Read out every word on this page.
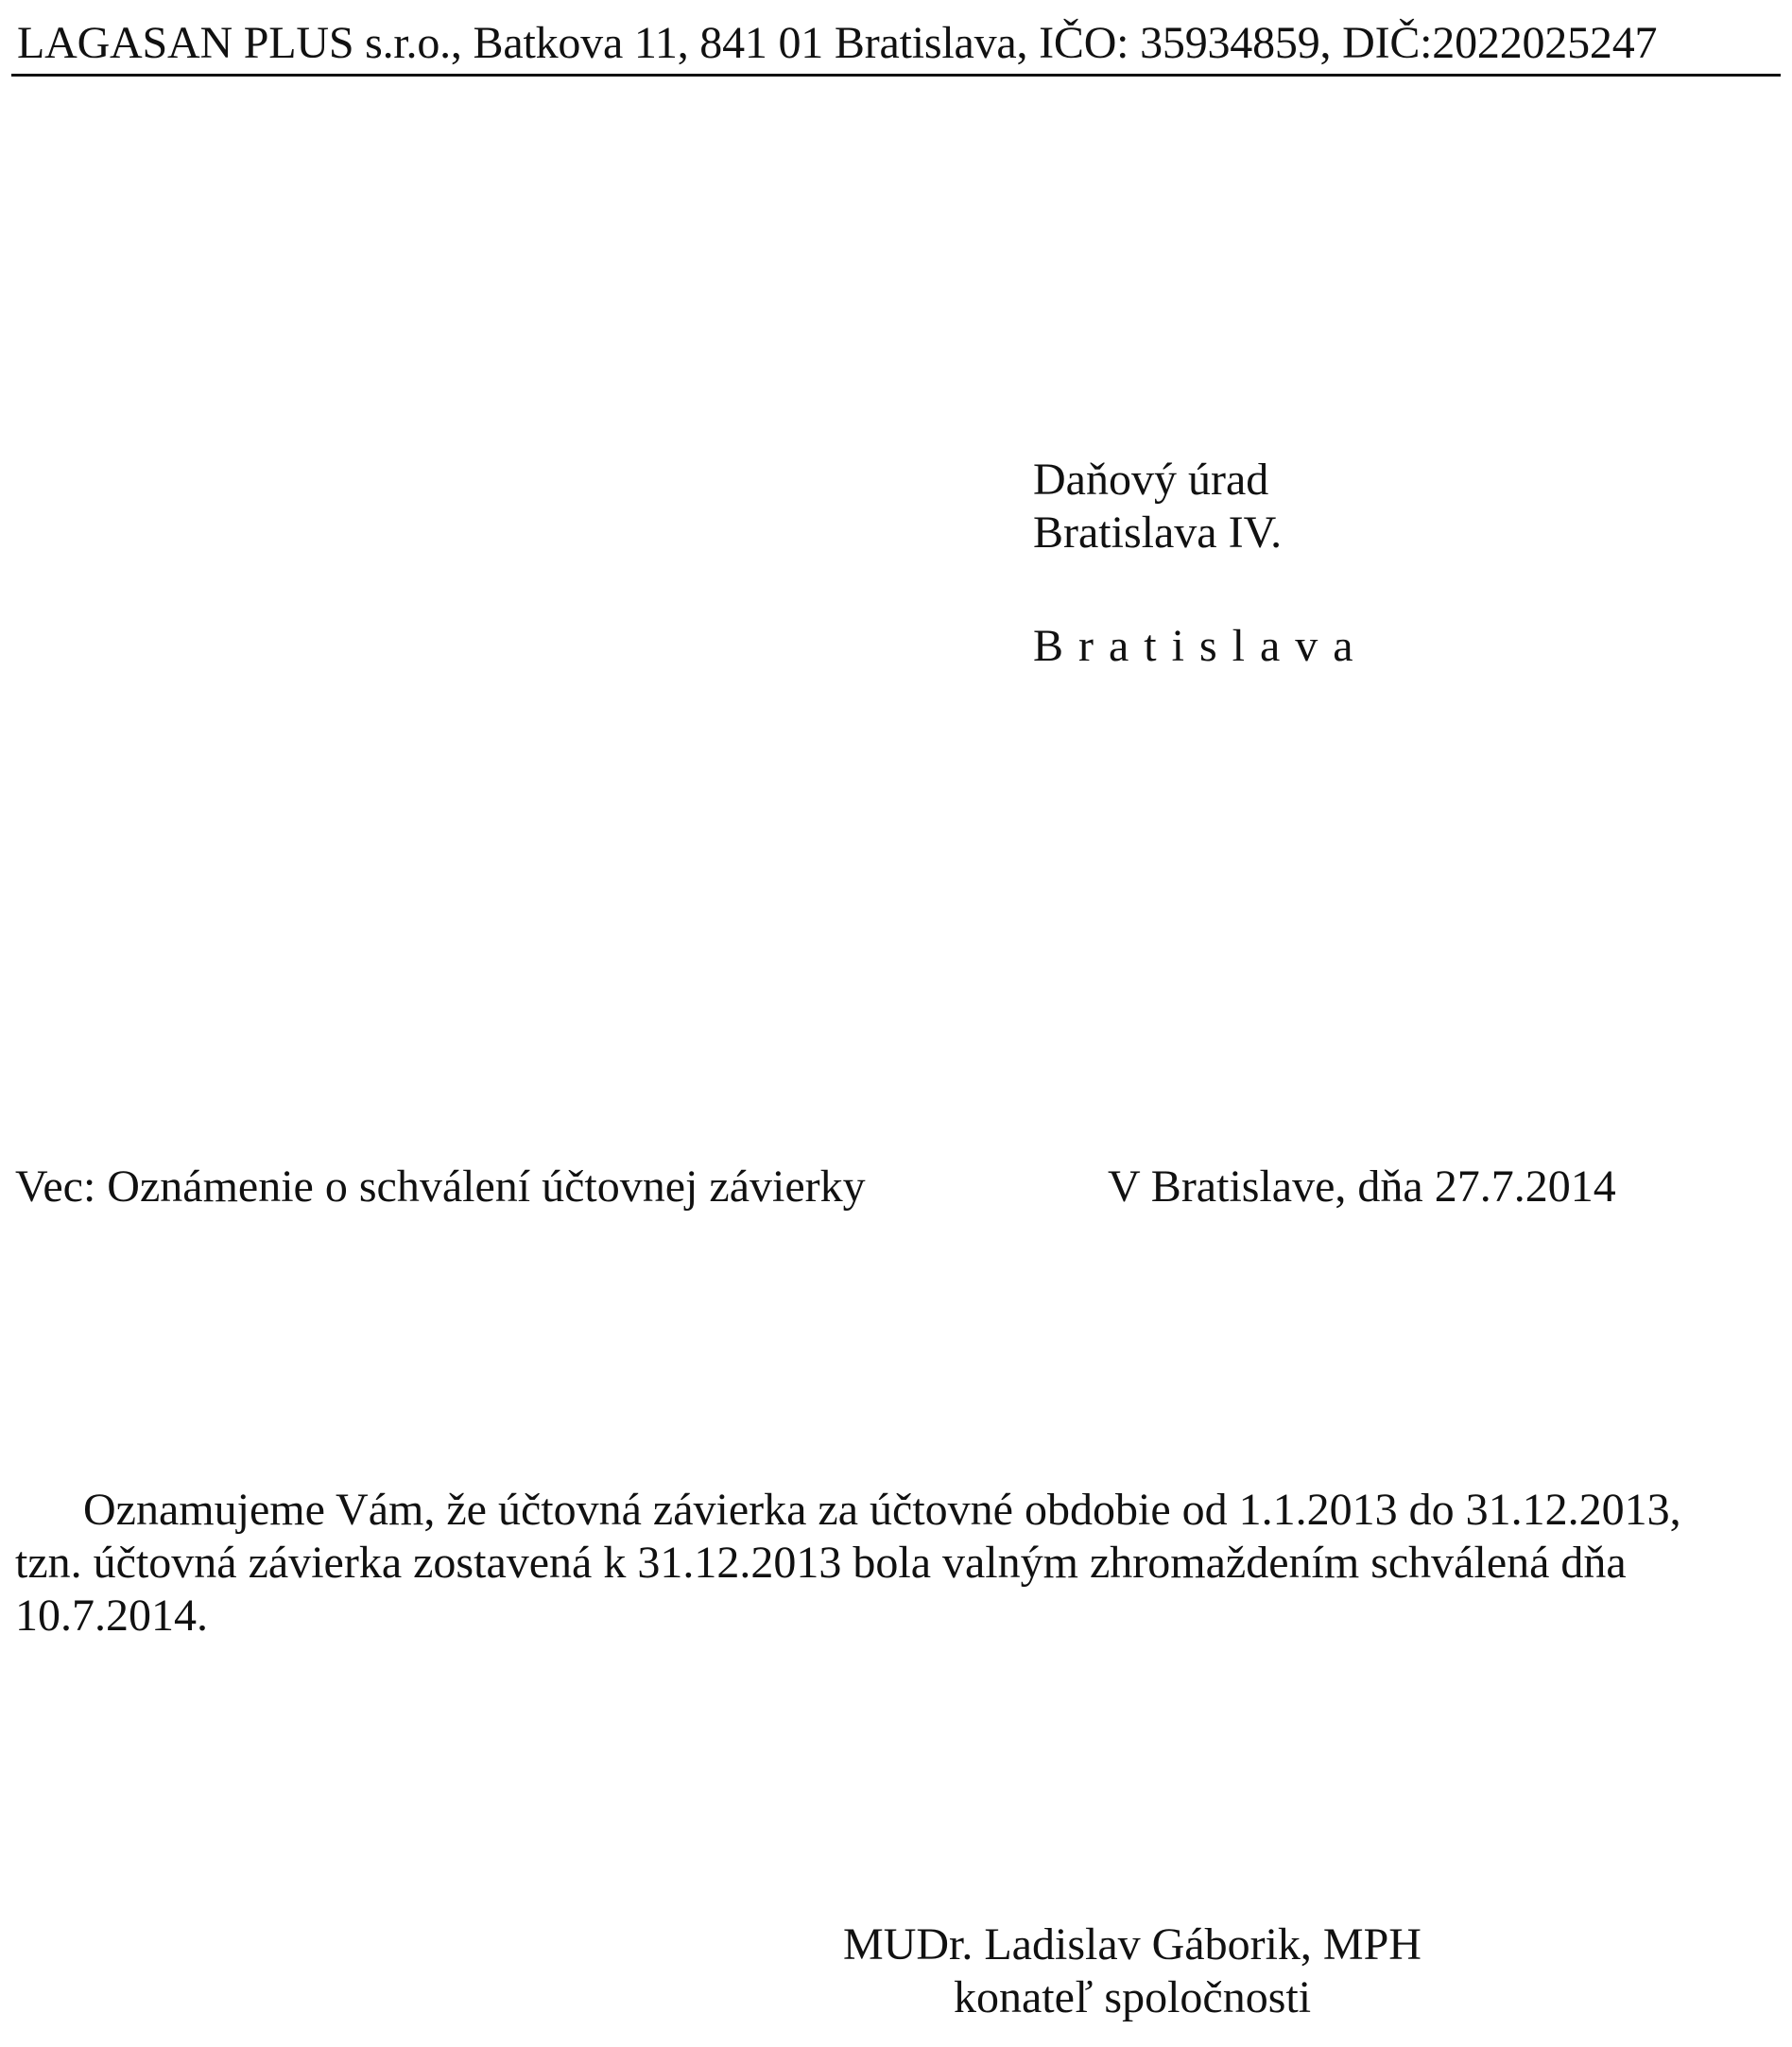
LAGASAN PLUS s.r.o., Batkova 11, 841 01 Bratislava, IČO: 35934859, DIČ:2022025247
Daňový úrad
Bratislava IV.
Bratislava
Vec: Oznámenie o schválení účtovnej závierky	V Bratislave, dňa 27.7.2014
Oznamujeme Vám, že účtovná závierka za účtovné obdobie od 1.1.2013 do 31.12.2013,
tzn. účtovná závierka zostavená k 31.12.2013 bola valným zhromaždením schválená dňa
10.7.2014.
MUDr. Ladislav Gáborik, MPH
konateľ spoločnosti
